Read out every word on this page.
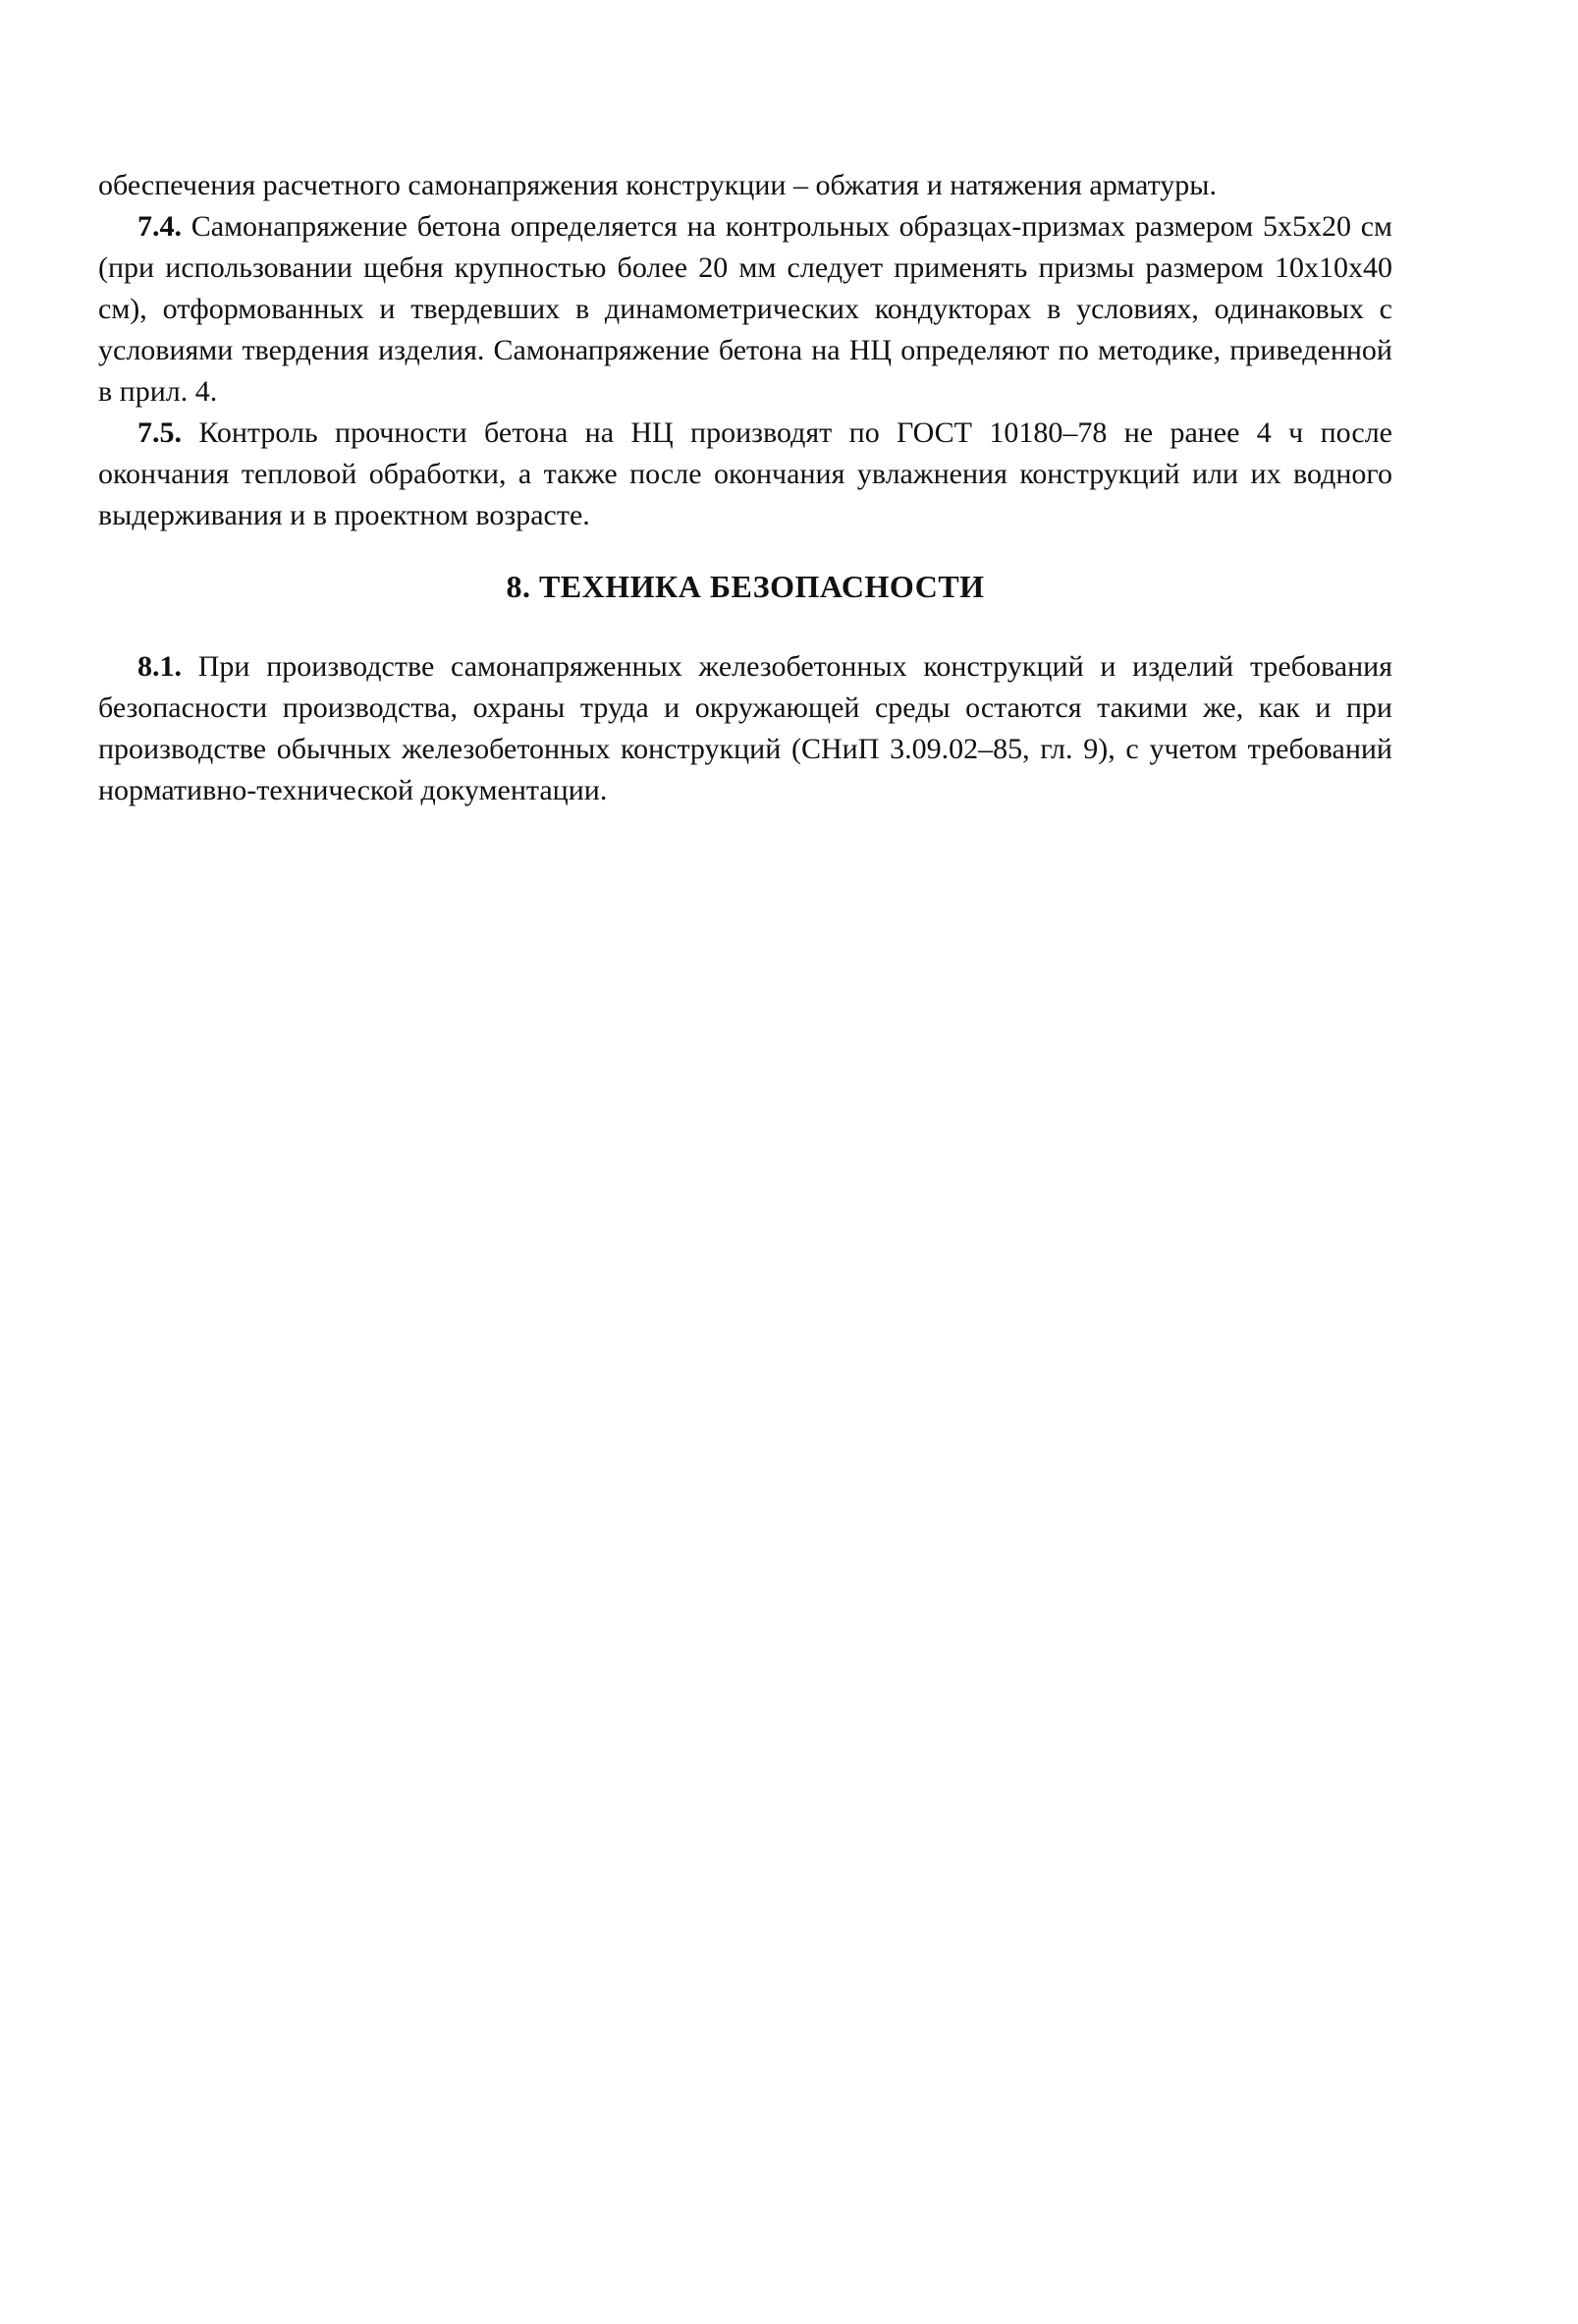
обеспечения расчетного самонапряжения конструкции – обжатия и натяжения арматуры.

7.4. Самонапряжение бетона определяется на контрольных образцах-призмах размером 5x5x20 см (при использовании щебня крупностью более 20 мм следует применять призмы размером 10x10x40 см), отформованных и твердевших в динамометрических кондукторах в условиях, одинаковых с условиями твердения изделия. Самонапряжение бетона на НЦ определяют по методике, приведенной в прил. 4.

7.5. Контроль прочности бетона на НЦ производят по ГОСТ 10180–78 не ранее 4 ч после окончания тепловой обработки, а также после окончания увлажнения конструкций или их водного выдерживания и в проектном возрасте.

8. ТЕХНИКА БЕЗОПАСНОСТИ

8.1. При производстве самонапряженных железобетонных конструкций и изделий требования безопасности производства, охраны труда и окружающей среды остаются такими же, как и при производстве обычных железобетонных конструкций (СНиП 3.09.02–85, гл. 9), с учетом требований нормативно-технической документации.
